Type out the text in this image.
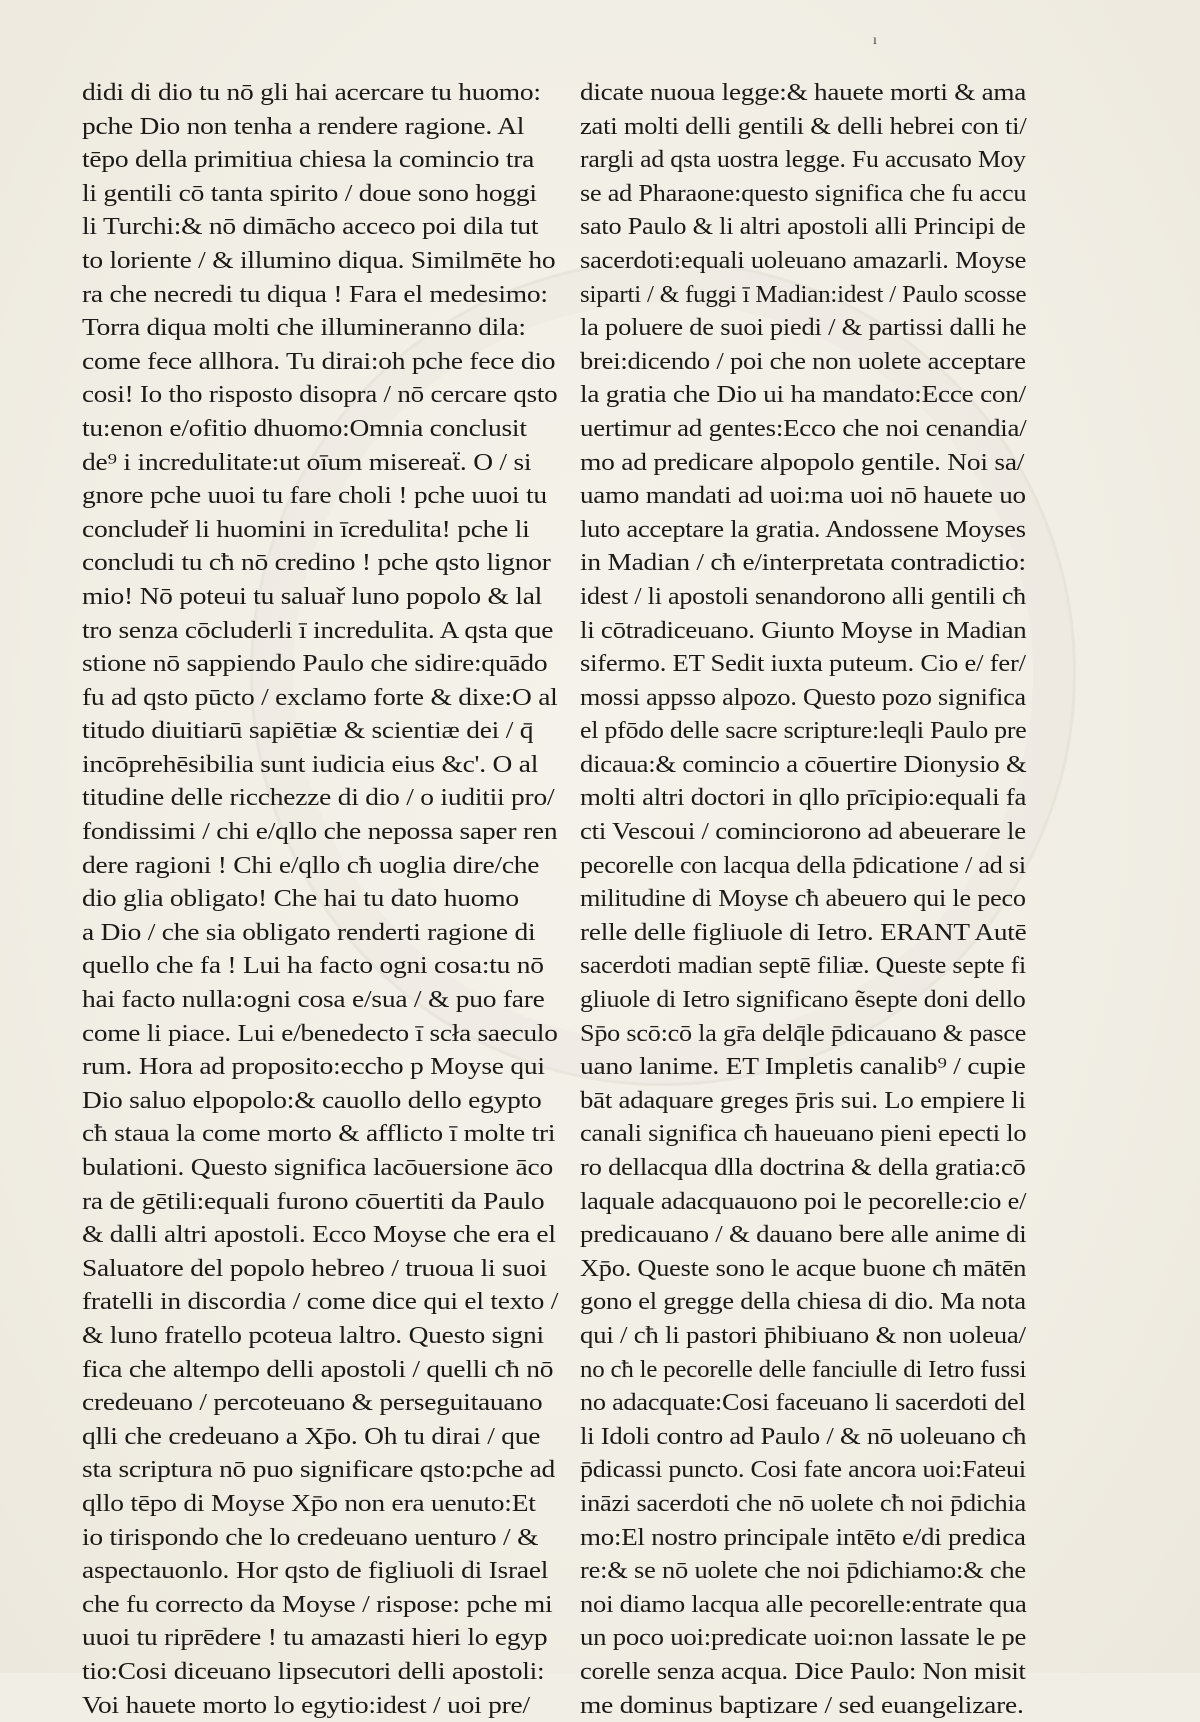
ı
didi di dio tu nō gli hai acercare tu huomo:
pche Dio non tenha a rendere ragione. Al
tēpo della primitiua chiesa la comincio tra
li gentili cō tanta spirito / doue sono hoggi
li Turchi:& nō dimācho acceco poi dila tut
to loriente / & illumino diqua. Similmēte ho
ra che necredi tu diqua ! Fara el medesimo:
Torra diqua molti che illumineranno dila:
come fece allhora. Tu dirai:oh pche fece dio
cosi! Io tho risposto disopra / nō cercare qsto
tu:enon e/ofitio dhuomo:Omnia conclusit
de⁹ i incredulitate:ut oīum misereaẗ. O / si
gnore pche uuoi tu fare choli ! pche uuoi tu
concludeř li huomini in īcredulita! pche li
concludi tu cħ nō credino ! pche qsto lignor
mio! Nō poteui tu saluař luno popolo & lal
tro senza cōcluderli ī incredulita. A qsta que
stione nō sappiendo Paulo che sidire:quādo
fu ad qsto pūcto / exclamo forte & dixe:O al
titudo diuitiarū sapiētiæ & scientiæ dei / q̄
incōprehēsibilia sunt iudicia eius &c'. O al
titudine delle ricchezze di dio / o iuditii pro/
fondissimi / chi e/qllo che nepossa saper ren
dere ragioni ! Chi e/qllo cħ uoglia dire/che
dio glia obligato! Che hai tu dato huomo
a Dio / che sia obligato renderti ragione di
quello che fa ! Lui ha facto ogni cosa:tu nō
hai facto nulla:ogni cosa e/sua / & puo fare
come li piace. Lui e/benedecto ī scła saeculo
rum. Hora ad proposito:eccho p Moyse qui
Dio saluo elpopolo:& cauollo dello egypto
cħ staua la come morto & afflicto ī molte tri
bulationi. Questo significa lacōuersione āco
ra de gētili:equali furono cōuertiti da Paulo
& dalli altri apostoli. Ecco Moyse che era el
Saluatore del popolo hebreo / truoua li suoi
fratelli in discordia / come dice qui el texto /
& luno fratello pcoteua laltro. Questo signi
fica che altempo delli apostoli / quelli cħ nō
credeuano / percoteuano & perseguitauano
qlli che credeuano a Xp̄o. Oh tu dirai / que
sta scriptura nō puo significare qsto:pche ad
qllo tēpo di Moyse Xp̄o non era uenuto:Et
io tirispondo che lo credeuano uenturo / &
aspectauonlo. Hor qsto de figliuoli di Israel
che fu correcto da Moyse / rispose: pche mi
uuoi tu riprēdere ! tu amazasti hieri lo egyp
tio:Cosi diceuano lipsecutori delli apostoli:
Voi hauete morto lo egytio:idest / uoi pre/
dicate nuoua legge:& hauete morti & ama
zati molti delli gentili & delli hebrei con ti/
rargli ad qsta uostra legge. Fu accusato Moy
se ad Pharaone:questo significa che fu accu
sato Paulo & li altri apostoli alli Principi de
sacerdoti:equali uoleuano amazarli. Moyse
siparti / & fuggi ī Madian:idest / Paulo scosse
la poluere de suoi piedi / & partissi dalli he
brei:dicendo / poi che non uolete acceptare
la gratia che Dio ui ha mandato:Ecce con/
uertimur ad gentes:Ecco che noi cenandia/
mo ad predicare alpopolo gentile. Noi sa/
uamo mandati ad uoi:ma uoi nō hauete uo
luto acceptare la gratia. Andossene Moyses
in Madian / cħ e/interpretata contradictio:
idest / li apostoli senandorono alli gentili cħ
li cōtradiceuano. Giunto Moyse in Madian
sifermo. ET Sedit iuxta puteum. Cio e/ fer/
mossi appsso alpozo. Questo pozo significa
el pfōdo delle sacre scripture:leqli Paulo pre
dicaua:& comincio a cōuertire Dionysio &
molti altri doctori in qllo prīcipio:equali fa
cti Vescoui / cominciorono ad abeuerare le
pecorelle con lacqua della p̄dicatione / ad si
militudine di Moyse cħ abeuero qui le peco
relle delle figliuole di Ietro. ERANT Autē
sacerdoti madian septē filiæ. Queste septe fi
gliuole di Ietro significano ẽsepte doni dello
Sp̄o scō:cō la gr̄a delq̄le p̄dicauano & pasce
uano lanime. ET Impletis canalib⁹ / cupie
bāt adaquare greges p̄ris sui. Lo empiere li
canali significa cħ haueuano pieni epecti lo
ro dellacqua dlla doctrina & della gratia:cō
laquale adacquauono poi le pecorelle:cio e/
predicauano / & dauano bere alle anime di
Xp̄o. Queste sono le acque buone cħ mātēn
gono el gregge della chiesa di dio. Ma nota
qui / cħ li pastori p̄hibiuano & non uoleua/
no cħ le pecorelle delle fanciulle di Ietro fussi
no adacquate:Cosi faceuano li sacerdoti del
li Idoli contro ad Paulo / & nō uoleuano cħ
p̄dicassi puncto. Cosi fate ancora uoi:Fateui
ināzi sacerdoti che nō uolete cħ noi p̄dichia
mo:El nostro principale intēto e/di predica
re:& se nō uolete che noi p̄dichiamo:& che
noi diamo lacqua alle pecorelle:entrate qua
un poco uoi:predicate uoi:non lassate le pe
corelle senza acqua. Dice Paulo: Non misit
me dominus baptizare / sed euangelizare.
